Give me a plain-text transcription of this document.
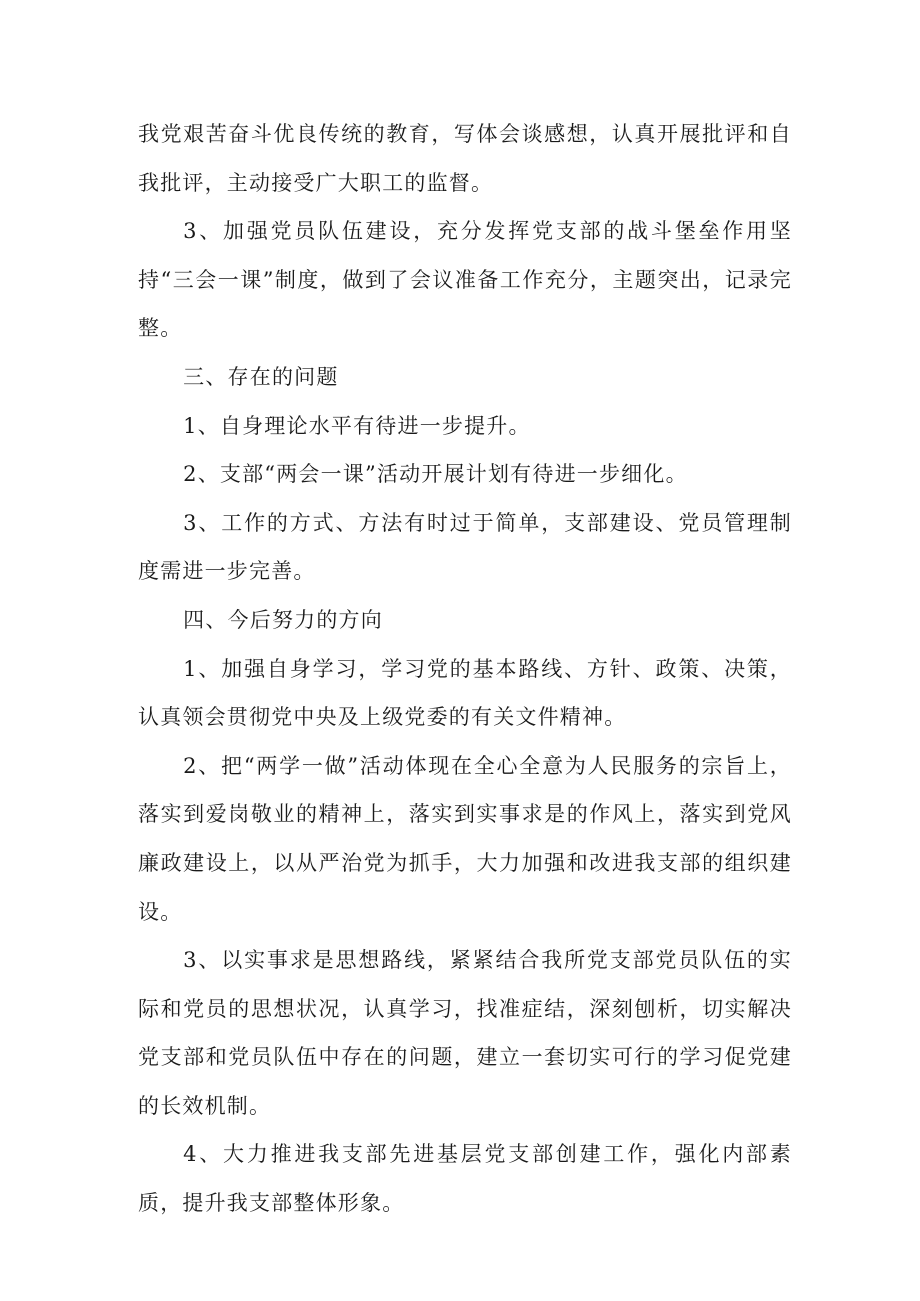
我党艰苦奋斗优良传统的教育，写体会谈感想，认真开展批评和自我批评，主动接受广大职工的监督。

3、加强党员队伍建设，充分发挥党支部的战斗堡垒作用坚持“三会一课”制度，做到了会议准备工作充分，主题突出，记录完整。

三、存在的问题

1、自身理论水平有待进一步提升。

2、支部“两会一课”活动开展计划有待进一步细化。

3、工作的方式、方法有时过于简单，支部建设、党员管理制度需进一步完善。

四、今后努力的方向

1、加强自身学习，学习党的基本路线、方针、政策、决策，认真领会贯彻党中央及上级党委的有关文件精神。

2、把“两学一做”活动体现在全心全意为人民服务的宗旨上，落实到爱岗敬业的精神上，落实到实事求是的作风上，落实到党风廉政建设上，以从严治党为抓手，大力加强和改进我支部的组织建设。

3、以实事求是思想路线，紧紧结合我所党支部党员队伍的实际和党员的思想状况，认真学习，找准症结，深刻刨析，切实解决党支部和党员队伍中存在的问题，建立一套切实可行的学习促党建的长效机制。

4、大力推进我支部先进基层党支部创建工作，强化内部素质，提升我支部整体形象。
